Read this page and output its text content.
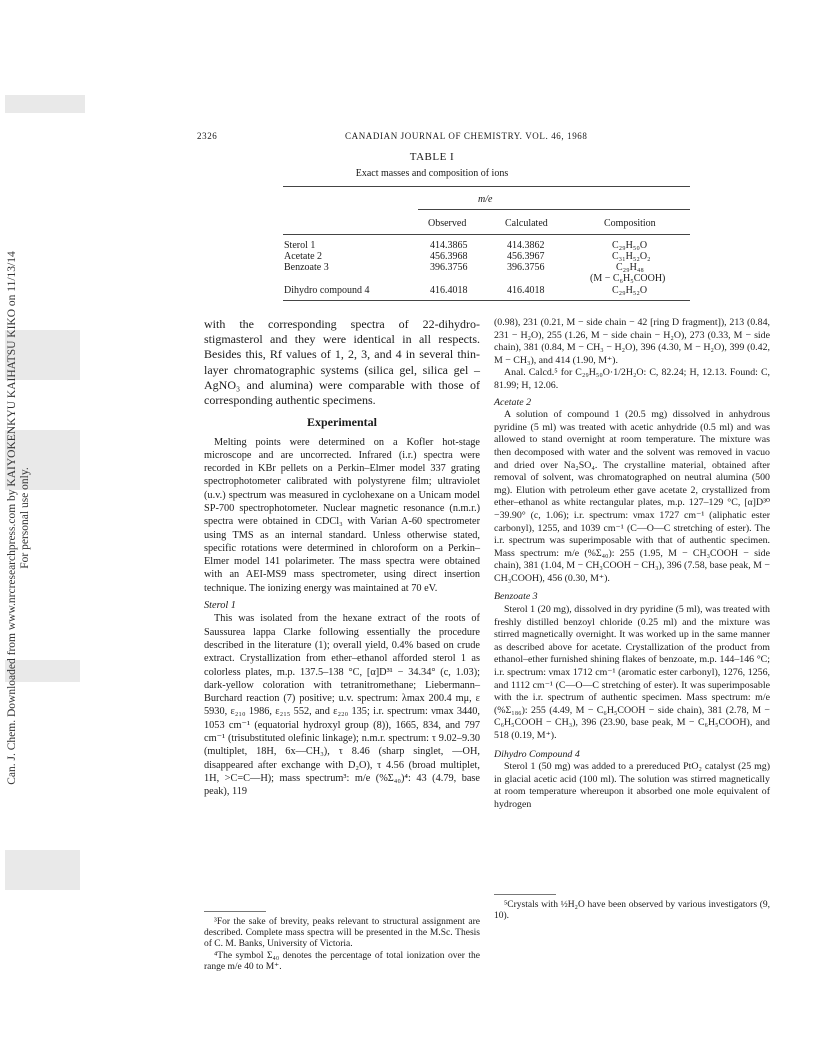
Can. J. Chem. Downloaded from www.nrcresearchpress.com by KAIYOKENKYU KAIHATSU KIKO on 11/13/14 For personal use only.
2326	CANADIAN JOURNAL OF CHEMISTRY. VOL. 46, 1968
TABLE I
Exact masses and composition of ions
m/e
Observed	Calculated	Composition
Sterol 1	414.3865	414.3862	C₂₉H₅₀O
Acetate 2	456.3968	456.3967	C₃₁H₅₂O₂
Benzoate 3	396.3756	396.3756	C₂₉H₄₈
(M − C₆H₅COOH)
Dihydro compound 4	416.4018	416.4018	C₂₉H₅₂O

with the corresponding spectra of 22-dihydro-stigmasterol and they were identical in all respects. Besides this, Rf values of 1, 2, 3, and 4 in several thin-layer chromatographic systems (silica gel, silica gel – AgNO₃ and alumina) were comparable with those of corresponding authentic specimens.

Experimental

Melting points were determined on a Kofler hot-stage microscope and are uncorrected. Infrared (i.r.) spectra were recorded in KBr pellets on a Perkin–Elmer model 337 grating spectrophotometer calibrated with polystyrene film; ultraviolet (u.v.) spectrum was measured in cyclohexane on a Unicam model SP-700 spectrophotometer. Nuclear magnetic resonance (n.m.r.) spectra were obtained in CDCl₃ with Varian A-60 spectrometer using TMS as an internal standard. Unless otherwise stated, specific rotations were determined in chloroform on a Perkin–Elmer model 141 polarimeter. The mass spectra were obtained with an AEI-MS9 mass spectrometer, using direct insertion technique. The ionizing energy was maintained at 70 eV.

Sterol 1

This was isolated from the hexane extract of the roots of Saussurea lappa Clarke following essentially the procedure described in the literature (1); overall yield, 0.4% based on crude extract. Crystallization from ether–ethanol afforded sterol 1 as colorless plates, m.p. 137.5–138 °C, [α]D³¹ − 34.34° (c, 1.03); dark-yellow coloration with tetranitromethane; Liebermann–Burchard reaction (7) positive; u.v. spectrum: λmax 200.4 mμ, ε 5930, ε₂₁₀ 1986, ε₂₁₅ 552, and ε₂₂₀ 135; i.r. spectrum: νmax 3440, 1053 cm⁻¹ (equatorial hydroxyl group (8)), 1665, 834, and 797 cm⁻¹ (trisubstituted olefinic linkage); n.m.r. spectrum: τ 9.02–9.30 (multiplet, 18H, 6x—CH₃), τ 8.46 (sharp singlet, —OH, disappeared after exchange with D₂O), τ 4.56 (broad multiplet, 1H, >C=C—H); mass spectrum³: m/e (%Σ₄₀)⁴: 43 (4.79, base peak), 119

³For the sake of brevity, peaks relevant to structural assignment are described. Complete mass spectra will be presented in the M.Sc. Thesis of C. M. Banks, University of Victoria.

⁴The symbol Σ₄₀ denotes the percentage of total ionization over the range m/e 40 to M⁺.

(0.98), 231 (0.21, M − side chain − 42 [ring D fragment]), 213 (0.84, 231 − H₂O), 255 (1.26, M − side chain − H₂O), 273 (0.33, M − side chain), 381 (0.84, M − CH₃ − H₂O), 396 (4.30, M − H₂O), 399 (0.42, M − CH₃), and 414 (1.90, M⁺).

Anal. Calcd.⁵ for C₂₉H₅₀O·1/2H₂O: C, 82.24; H, 12.13. Found: C, 81.99; H, 12.06.

Acetate 2

A solution of compound 1 (20.5 mg) dissolved in anhydrous pyridine (5 ml) was treated with acetic anhydride (0.5 ml) and was allowed to stand overnight at room temperature. The mixture was then decomposed with water and the solvent was removed in vacuo and dried over Na₂SO₄. The crystalline material, obtained after removal of solvent, was chromatographed on neutral alumina (500 mg). Elution with petroleum ether gave acetate 2, crystallized from ether–ethanol as white rectangular plates, m.p. 127–129 °C, [α]D³⁰ −39.90° (c, 1.06); i.r. spectrum: νmax 1727 cm⁻¹ (aliphatic ester carbonyl), 1255, and 1039 cm⁻¹ (C—O—C stretching of ester). The i.r. spectrum was superimposable with that of authentic specimen. Mass spectrum: m/e (%Σ₄₀): 255 (1.95, M − CH₃COOH − side chain), 381 (1.04, M − CH₃COOH − CH₃), 396 (7.58, base peak, M − CH₃COOH), 456 (0.30, M⁺).

Benzoate 3

Sterol 1 (20 mg), dissolved in dry pyridine (5 ml), was treated with freshly distilled benzoyl chloride (0.25 ml) and the mixture was stirred magnetically overnight. It was worked up in the same manner as described above for acetate. Crystallization of the product from ethanol–ether furnished shining flakes of benzoate, m.p. 144–146 °C; i.r. spectrum: νmax 1712 cm⁻¹ (aromatic ester carbonyl), 1276, 1256, and 1112 cm⁻¹ (C—O—C stretching of ester). It was superimposable with the i.r. spectrum of authentic specimen. Mass spectrum: m/e (%Σ₁₈₆): 255 (4.49, M − C₆H₅COOH − side chain), 381 (2.78, M − C₆H₅COOH − CH₃), 396 (23.90, base peak, M − C₆H₅COOH), and 518 (0.19, M⁺).

Dihydro Compound 4

Sterol 1 (50 mg) was added to a prereduced PtO₂ catalyst (25 mg) in glacial acetic acid (100 ml). The solution was stirred magnetically at room temperature whereupon it absorbed one mole equivalent of hydrogen

⁵Crystals with ½H₂O have been observed by various investigators (9, 10).
